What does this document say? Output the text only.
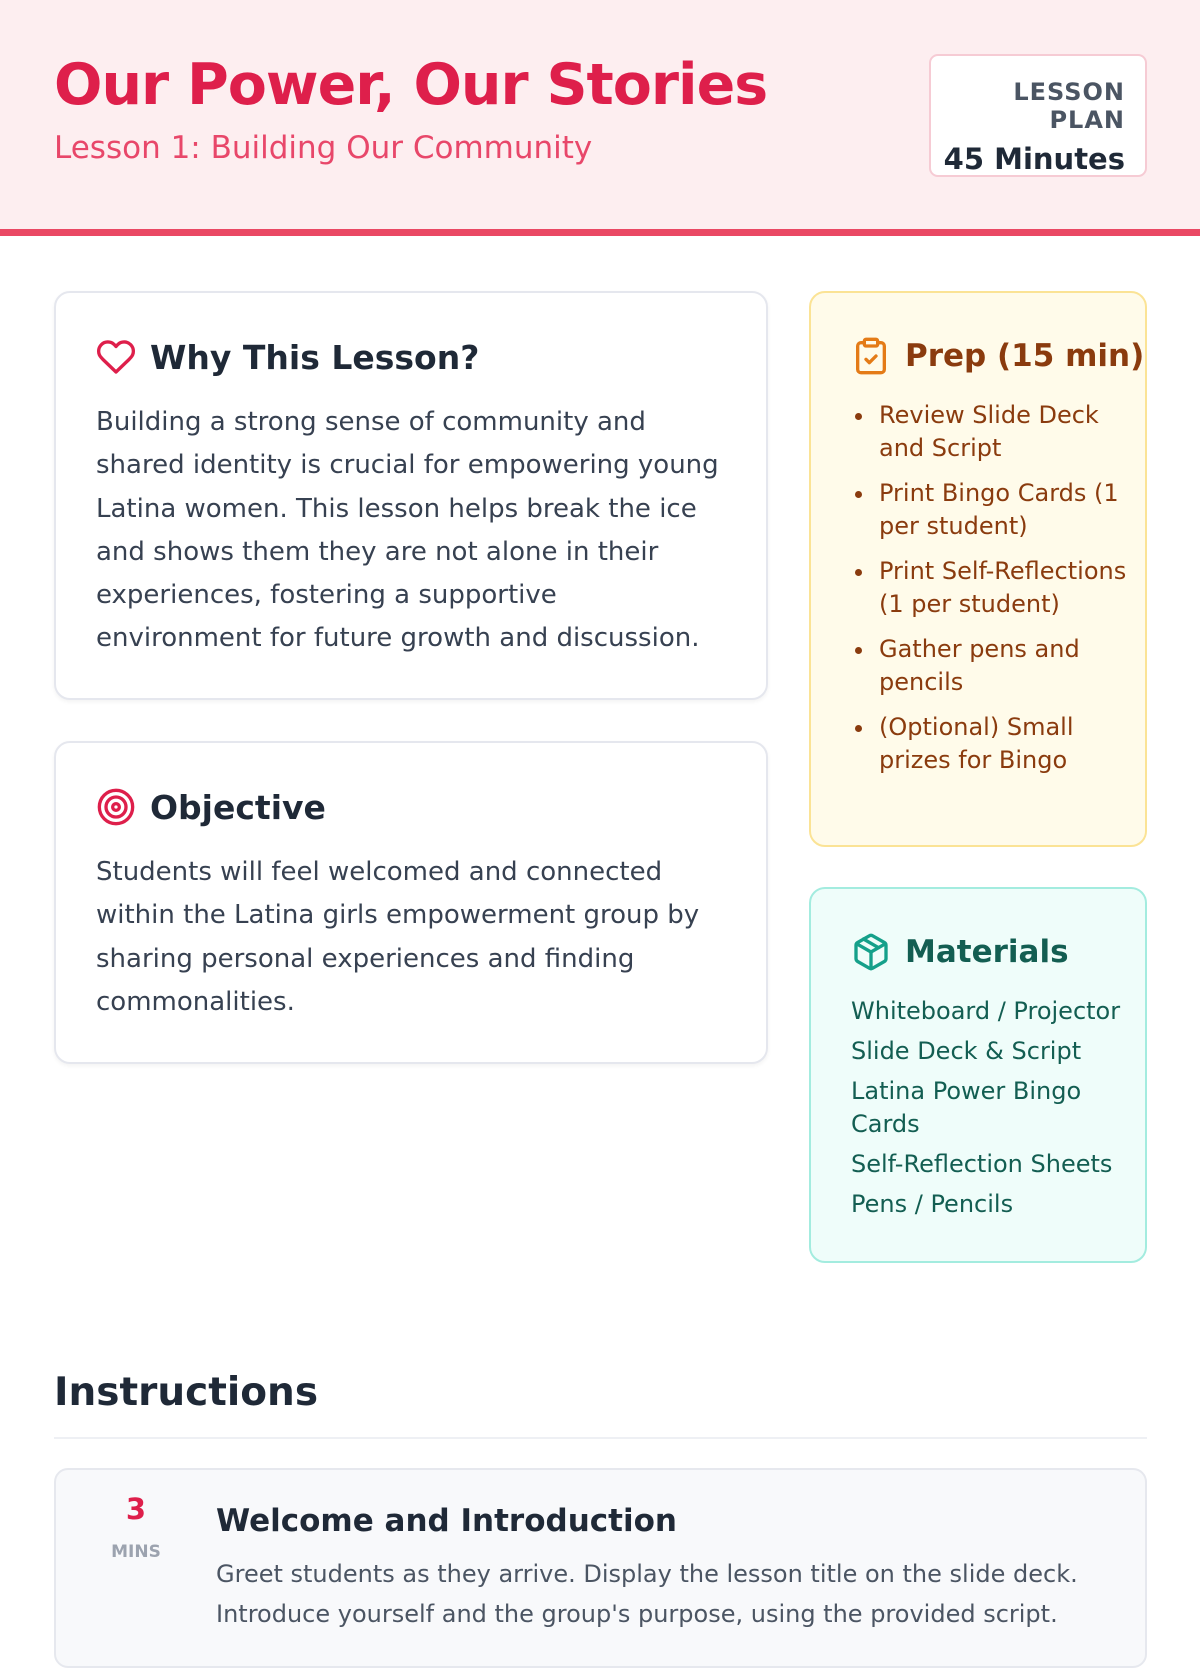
Our Power, Our Stories
Lesson 1: Building Our Community
LESSON PLAN
45 Minutes
Why This Lesson?
Building a strong sense of community and shared identity is crucial for empowering young Latina women. This lesson helps break the ice and shows them they are not alone in their experiences, fostering a supportive environment for future growth and discussion.
Objective
Students will feel welcomed and connected within the Latina girls empowerment group by sharing personal experiences and finding commonalities.
Prep (15 min)
Review Slide Deck and Script
Print Bingo Cards (1 per student)
Print Self-Reflections (1 per student)
Gather pens and pencils
(Optional) Small prizes for Bingo
Materials
Whiteboard / Projector
Slide Deck & Script
Latina Power Bingo Cards
Self-Reflection Sheets
Pens / Pencils
Instructions
3
MINS
Welcome and Introduction
Greet students as they arrive. Display the lesson title on the slide deck. Introduce yourself and the group's purpose, using the provided script.
